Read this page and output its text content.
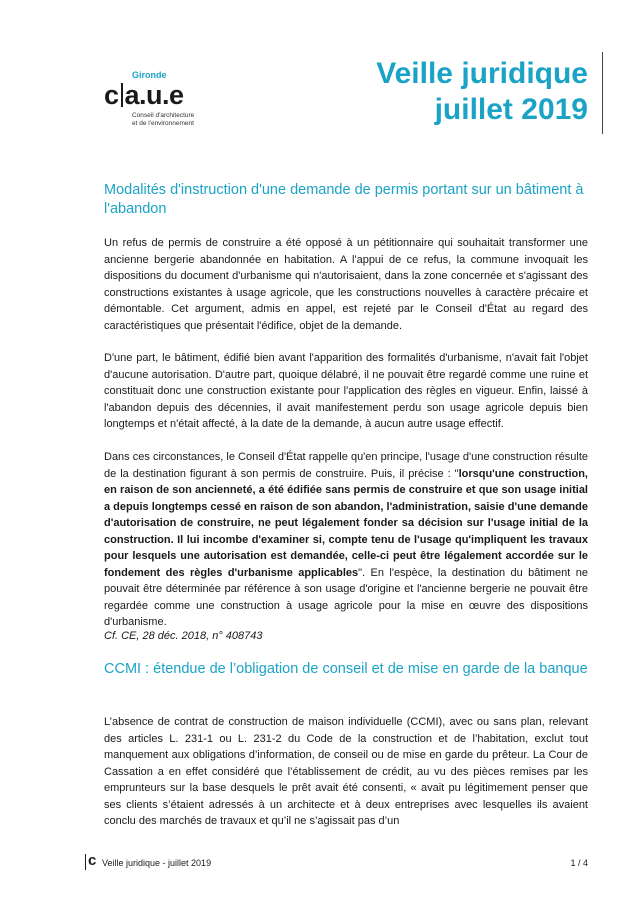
Gironde
c a.u.e
Conseil d'architecture
et de l'environnement
Veille juridique
juillet 2019
Modalités d'instruction d'une demande de permis portant sur un bâtiment à l'abandon

Un refus de permis de construire a été opposé à un pétitionnaire qui souhaitait transformer une ancienne bergerie abandonnée en habitation. A l'appui de ce refus, la commune invoquait les dispositions du document d'urbanisme qui n'autorisaient, dans la zone concernée et s'agissant des constructions existantes à usage agricole, que les constructions nouvelles à caractère précaire et démontable. Cet argument, admis en appel, est rejeté par le Conseil d'État au regard des caractéristiques que présentait l'édifice, objet de la demande.

D'une part, le bâtiment, édifié bien avant l'apparition des formalités d'urbanisme, n'avait fait l'objet d'aucune autorisation. D'autre part, quoique délabré, il ne pouvait être regardé comme une ruine et constituait donc une construction existante pour l'application des règles en vigueur. Enfin, laissé à l'abandon depuis des décennies, il avait manifestement perdu son usage agricole depuis bien longtemps et n'était affecté, à la date de la demande, à aucun autre usage effectif.

Dans ces circonstances, le Conseil d'État rappelle qu'en principe, l'usage d'une construction résulte de la destination figurant à son permis de construire. Puis, il précise : "lorsqu'une construction, en raison de son ancienneté, a été édifiée sans permis de construire et que son usage initial a depuis longtemps cessé en raison de son abandon, l'administration, saisie d'une demande d'autorisation de construire, ne peut légalement fonder sa décision sur l'usage initial de la construction. Il lui incombe d'examiner si, compte tenu de l'usage qu'impliquent les travaux pour lesquels une autorisation est demandée, celle-ci peut être légalement accordée sur le fondement des règles d'urbanisme applicables". En l'espèce, la destination du bâtiment ne pouvait être déterminée par référence à son usage d'origine et l'ancienne bergerie ne pouvait être regardée comme une construction à usage agricole pour la mise en œuvre des dispositions d'urbanisme.

Cf. CE, 28 déc. 2018, n° 408743

CCMI : étendue de l’obligation de conseil et de mise en garde de la banque

L’absence de contrat de construction de maison individuelle (CCMI), avec ou sans plan, relevant des articles L. 231-1 ou L. 231-2 du Code de la construction et de l’habitation, exclut tout manquement aux obligations d’information, de conseil ou de mise en garde du prêteur. La Cour de Cassation a en effet considéré que l’établissement de crédit, au vu des pièces remises par les emprunteurs sur la base desquels le prêt avait été consenti, « avait pu légitimement penser que ses clients s’étaient adressés à un architecte et à deux entreprises avec lesquelles ils avaient conclu des marchés de travaux et qu’il ne s’agissait pas d’un

c Veille juridique - juillet 2019	1 / 4
